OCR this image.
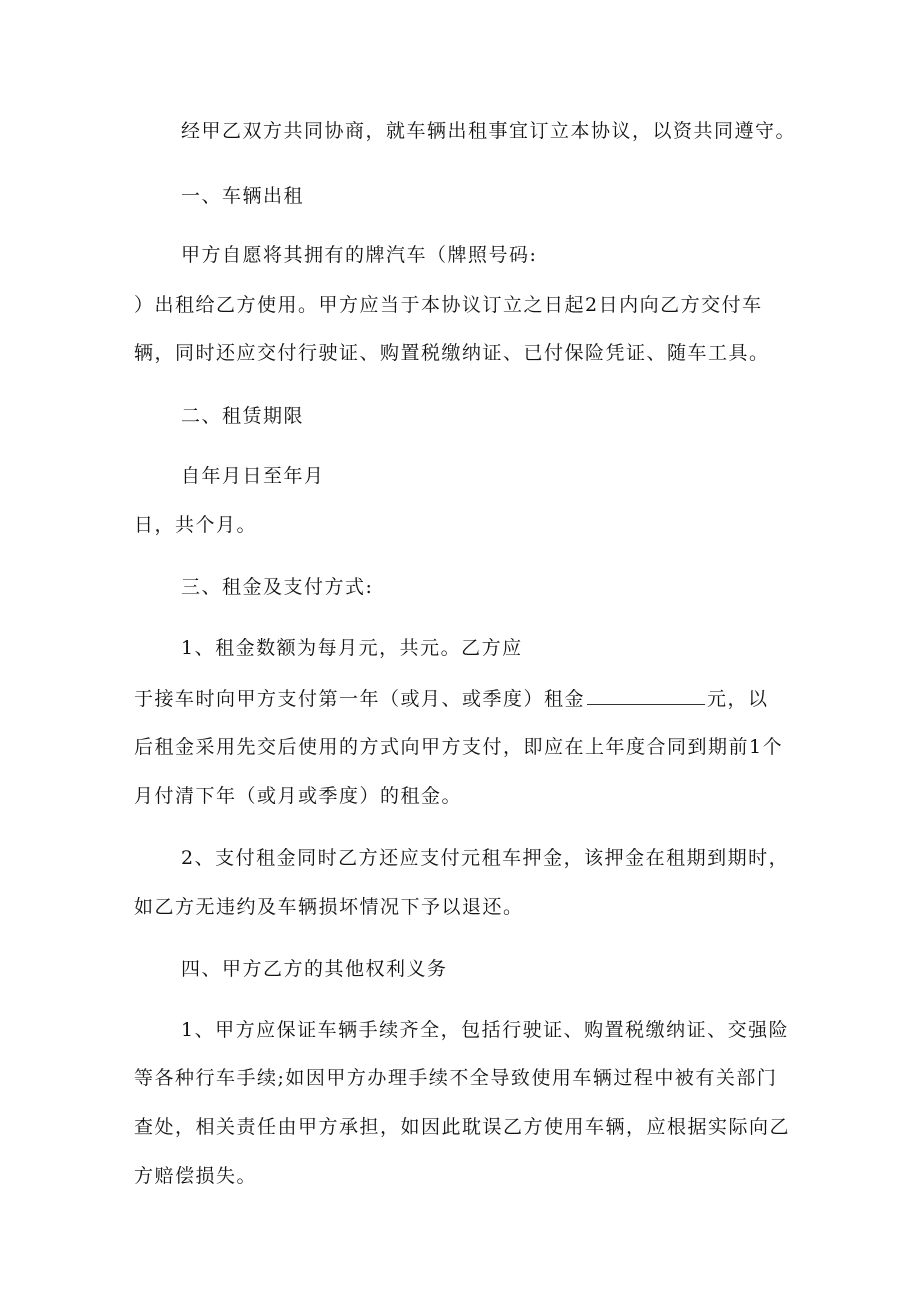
经甲乙双方共同协商，就车辆出租事宜订立本协议，以资共同遵守。
一、车辆出租
甲方自愿将其拥有的牌汽车（牌照号码:
）出租给乙方使用。甲方应当于本协议订立之日起2日内向乙方交付车
辆，同时还应交付行驶证、购置税缴纳证、已付保险凭证、随车工具。
二、租赁期限
自年月日至年月
日，共个月。
三、租金及支付方式:
1、租金数额为每月元，共元。乙方应
于接车时向甲方支付第一年（或月、或季度）租金	元，以
后租金采用先交后使用的方式向甲方支付，即应在上年度合同到期前1个
月付清下年（或月或季度）的租金。
2、支付租金同时乙方还应支付元租车押金，该押金在租期到期时，
如乙方无违约及车辆损坏情况下予以退还。
四、甲方乙方的其他权利义务
1、甲方应保证车辆手续齐全，包括行驶证、购置税缴纳证、交强险
等各种行车手续;如因甲方办理手续不全导致使用车辆过程中被有关部门
查处，相关责任由甲方承担，如因此耽误乙方使用车辆，应根据实际向乙
方赔偿损失。
